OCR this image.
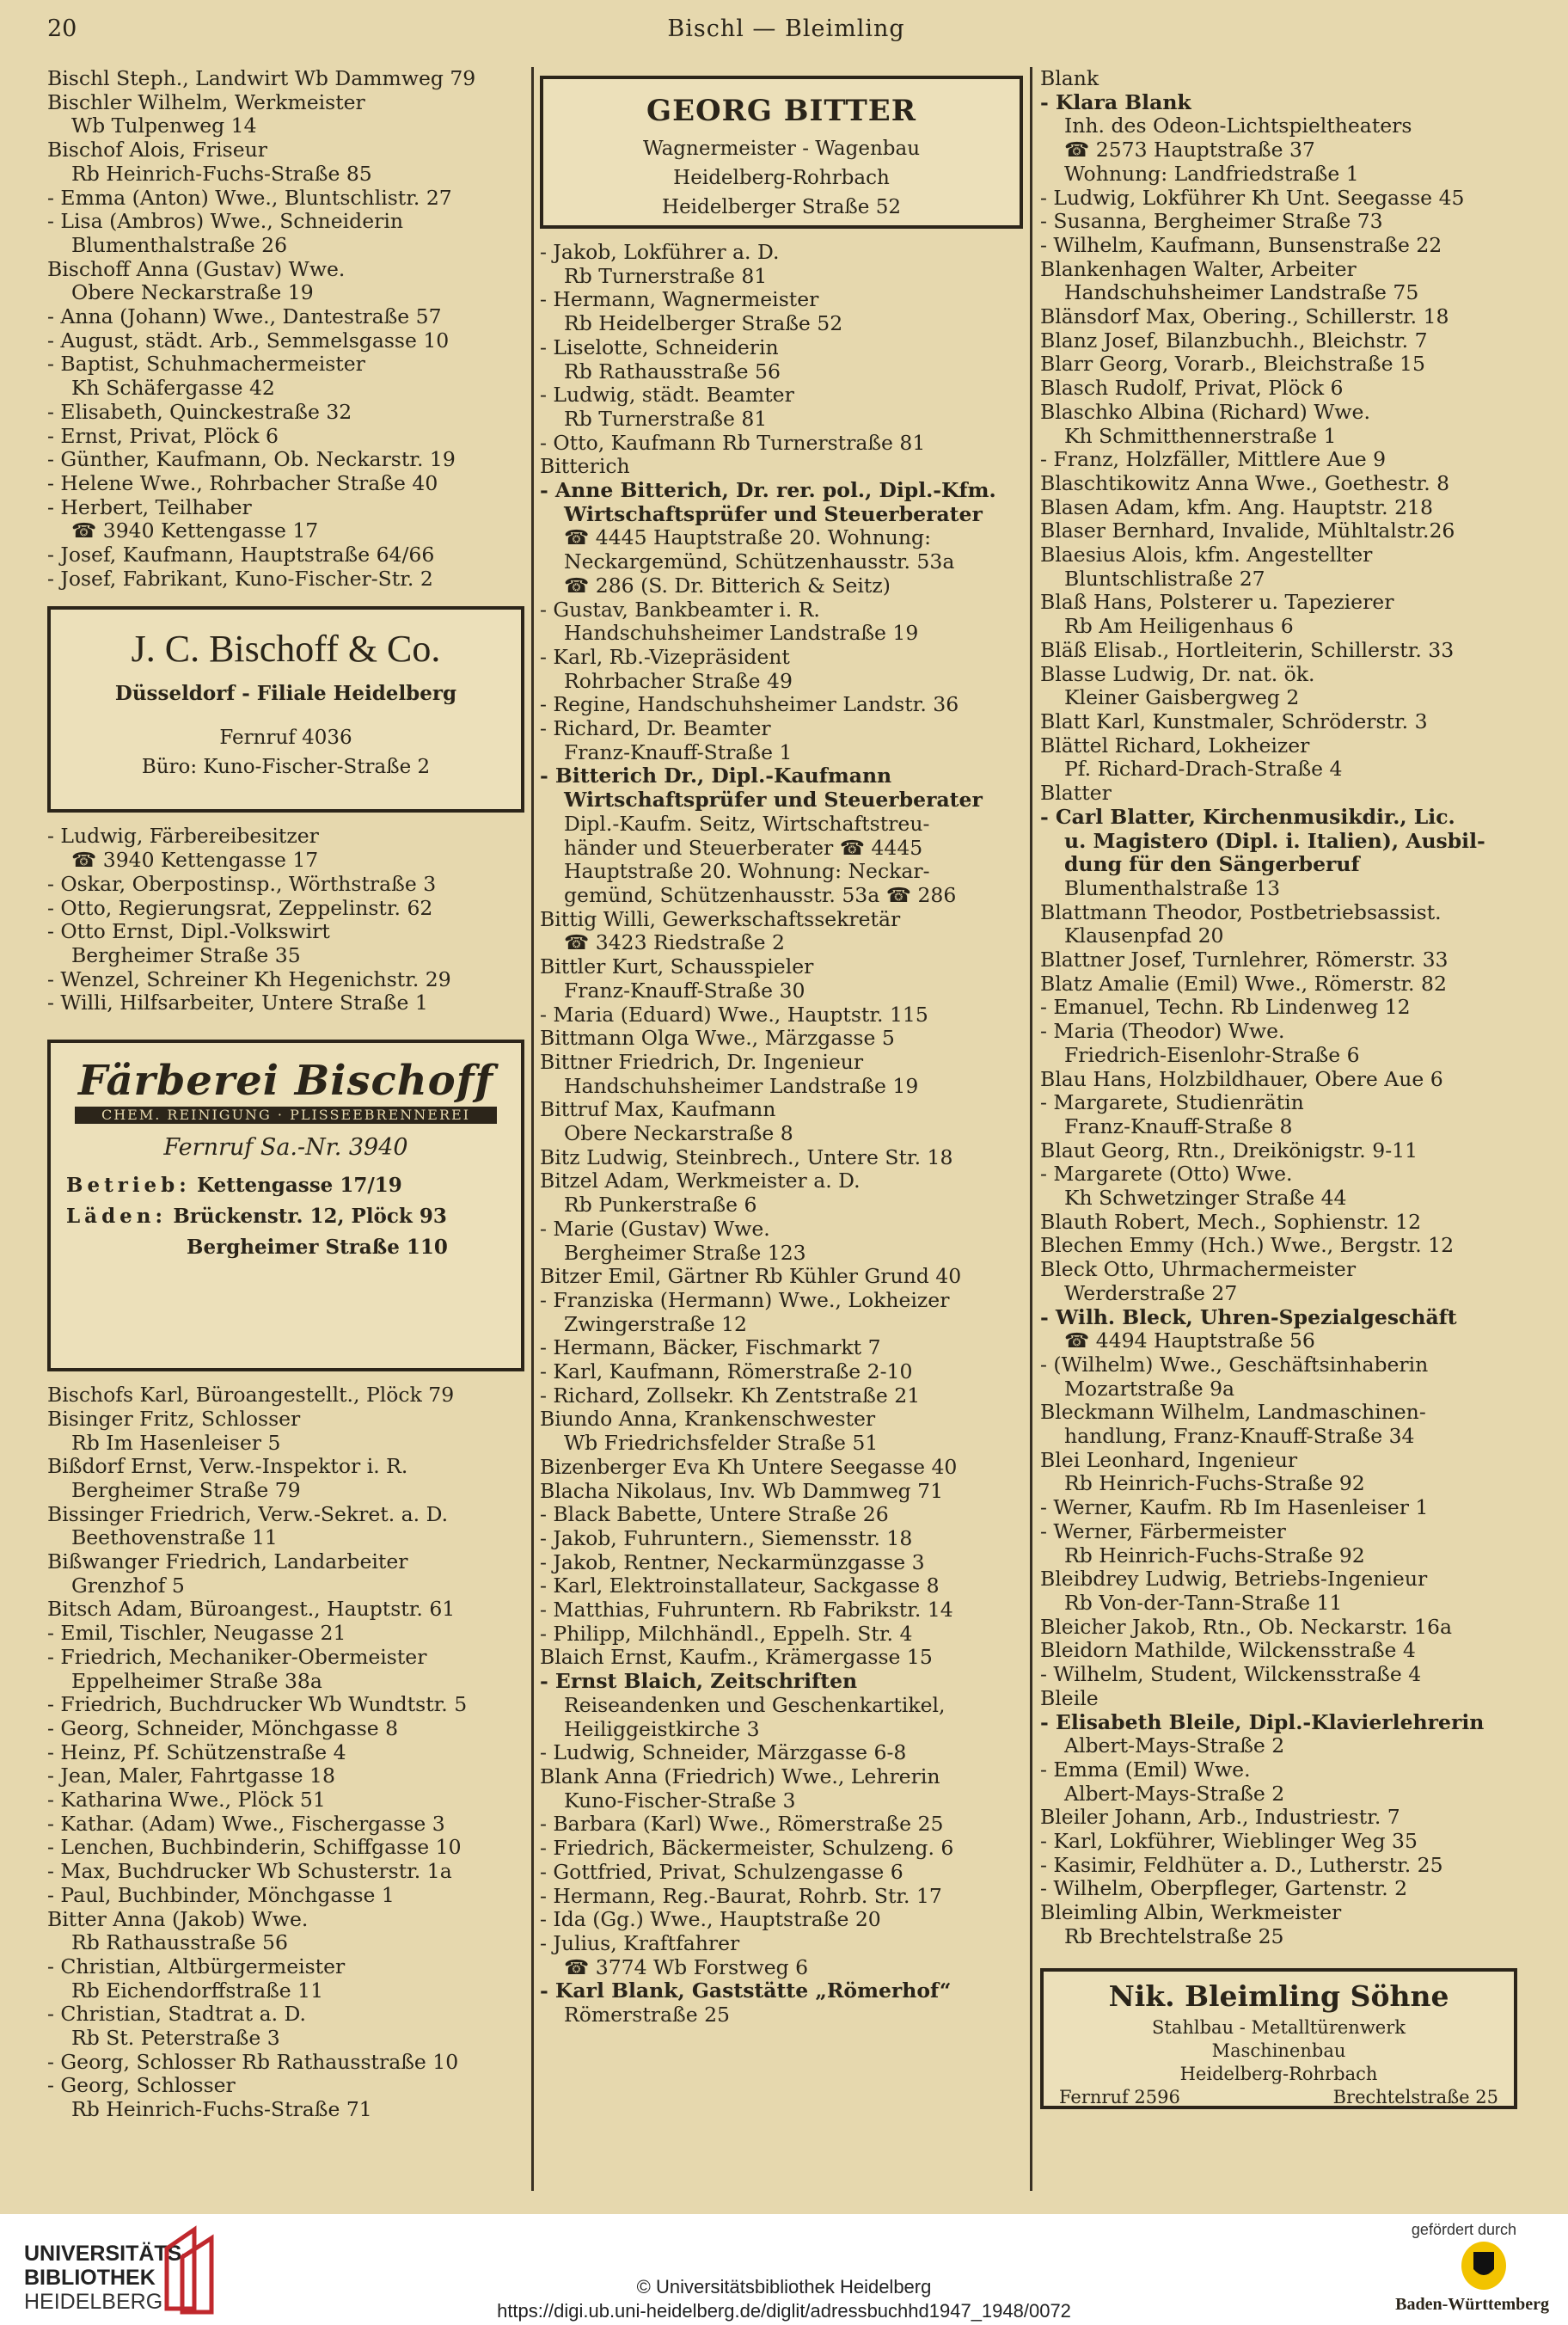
20	Bischl — Bleimling
Bischl Steph., Landwirt Wb Dammweg 79
Bischler Wilhelm, Werkmeister
Wb Tulpenweg 14
Bischof Alois, Friseur
Rb Heinrich-Fuchs-Straße 85
- Emma (Anton) Wwe., Bluntschlistr. 27
- Lisa (Ambros) Wwe., Schneiderin
Blumenthalstraße 26
Bischoff Anna (Gustav) Wwe.
Obere Neckarstraße 19
- Anna (Johann) Wwe., Dantestraße 57
- August, städt. Arb., Semmelsgasse 10
- Baptist, Schuhmachermeister
Kh Schäfergasse 42
- Elisabeth, Quinckestraße 32
- Ernst, Privat, Plöck 6
- Günther, Kaufmann, Ob. Neckarstr. 19
- Helene Wwe., Rohrbacher Straße 40
- Herbert, Teilhaber
☎ 3940 Kettengasse 17
- Josef, Kaufmann, Hauptstraße 64/66
- Josef, Fabrikant, Kuno-Fischer-Str. 2
J. C. Bischoff & Co.
Düsseldorf - Filiale Heidelberg
Fernruf 4036
Büro: Kuno-Fischer-Straße 2
- Ludwig, Färbereibesitzer
☎ 3940 Kettengasse 17
- Oskar, Oberpostinsp., Wörthstraße 3
- Otto, Regierungsrat, Zeppelinstr. 62
- Otto Ernst, Dipl.-Volkswirt
Bergheimer Straße 35
- Wenzel, Schreiner Kh Hegenichstr. 29
- Willi, Hilfsarbeiter, Untere Straße 1
Färberei Bischoff
CHEM. REINIGUNG · PLISSEEBRENNEREI
Fernruf Sa.-Nr. 3940
Betrieb: Kettengasse 17/19
Läden: Brückenstr. 12, Plöck 93
Bergheimer Straße 110
Bischofs Karl, Büroangestellt., Plöck 79
Bisinger Fritz, Schlosser
Rb Im Hasenleiser 5
Bißdorf Ernst, Verw.-Inspektor i. R.
Bergheimer Straße 79
Bissinger Friedrich, Verw.-Sekret. a. D.
Beethovenstraße 11
Bißwanger Friedrich, Landarbeiter
Grenzhof 5
Bitsch Adam, Büroangest., Hauptstr. 61
- Emil, Tischler, Neugasse 21
- Friedrich, Mechaniker-Obermeister
Eppelheimer Straße 38a
- Friedrich, Buchdrucker Wb Wundtstr. 5
- Georg, Schneider, Mönchgasse 8
- Heinz, Pf. Schützenstraße 4
- Jean, Maler, Fahrtgasse 18
- Katharina Wwe., Plöck 51
- Kathar. (Adam) Wwe., Fischergasse 3
- Lenchen, Buchbinderin, Schiffgasse 10
- Max, Buchdrucker Wb Schusterstr. 1a
- Paul, Buchbinder, Mönchgasse 1
Bitter Anna (Jakob) Wwe.
Rb Rathausstraße 56
- Christian, Altbürgermeister
Rb Eichendorffstraße 11
- Christian, Stadtrat a. D.
Rb St. Peterstraße 3
- Georg, Schlosser Rb Rathausstraße 10
- Georg, Schlosser
Rb Heinrich-Fuchs-Straße 71
GEORG BITTER
Wagnermeister - Wagenbau
Heidelberg-Rohrbach
Heidelberger Straße 52
- Jakob, Lokführer a. D.
Rb Turnerstraße 81
- Hermann, Wagnermeister
Rb Heidelberger Straße 52
- Liselotte, Schneiderin
Rb Rathausstraße 56
- Ludwig, städt. Beamter
Rb Turnerstraße 81
- Otto, Kaufmann Rb Turnerstraße 81
Bitterich
- Anne Bitterich, Dr. rer. pol., Dipl.-Kfm.
Wirtschaftsprüfer und Steuerberater
☎ 4445 Hauptstraße 20. Wohnung:
Neckargemünd, Schützenhausstr. 53a
☎ 286 (S. Dr. Bitterich & Seitz)
- Gustav, Bankbeamter i. R.
Handschuhsheimer Landstraße 19
- Karl, Rb.-Vizepräsident
Rohrbacher Straße 49
- Regine, Handschuhsheimer Landstr. 36
- Richard, Dr. Beamter
Franz-Knauff-Straße 1
- Bitterich Dr., Dipl.-Kaufmann
Wirtschaftsprüfer und Steuerberater
Dipl.-Kaufm. Seitz, Wirtschaftstreu-
händer und Steuerberater ☎ 4445
Hauptstraße 20. Wohnung: Neckar-
gemünd, Schützenhausstr. 53a ☎ 286
Bittig Willi, Gewerkschaftssekretär
☎ 3423 Riedstraße 2
Bittler Kurt, Schausspieler
Franz-Knauff-Straße 30
- Maria (Eduard) Wwe., Hauptstr. 115
Bittmann Olga Wwe., Märzgasse 5
Bittner Friedrich, Dr. Ingenieur
Handschuhsheimer Landstraße 19
Bittruf Max, Kaufmann
Obere Neckarstraße 8
Bitz Ludwig, Steinbrech., Untere Str. 18
Bitzel Adam, Werkmeister a. D.
Rb Punkerstraße 6
- Marie (Gustav) Wwe.
Bergheimer Straße 123
Bitzer Emil, Gärtner Rb Kühler Grund 40
- Franziska (Hermann) Wwe., Lokheizer
Zwingerstraße 12
- Hermann, Bäcker, Fischmarkt 7
- Karl, Kaufmann, Römerstraße 2-10
- Richard, Zollsekr. Kh Zentstraße 21
Biundo Anna, Krankenschwester
Wb Friedrichsfelder Straße 51
Bizenberger Eva Kh Untere Seegasse 40
Blacha Nikolaus, Inv. Wb Dammweg 71
- Black Babette, Untere Straße 26
- Jakob, Fuhruntern., Siemensstr. 18
- Jakob, Rentner, Neckarmünzgasse 3
- Karl, Elektroinstallateur, Sackgasse 8
- Matthias, Fuhruntern. Rb Fabrikstr. 14
- Philipp, Milchhändl., Eppelh. Str. 4
Blaich Ernst, Kaufm., Krämergasse 15
- Ernst Blaich, Zeitschriften
Reiseandenken und Geschenkartikel,
Heiliggeistkirche 3
- Ludwig, Schneider, Märzgasse 6-8
Blank Anna (Friedrich) Wwe., Lehrerin
Kuno-Fischer-Straße 3
- Barbara (Karl) Wwe., Römerstraße 25
- Friedrich, Bäckermeister, Schulzeng. 6
- Gottfried, Privat, Schulzengasse 6
- Hermann, Reg.-Baurat, Rohrb. Str. 17
- Ida (Gg.) Wwe., Hauptstraße 20
- Julius, Kraftfahrer
☎ 3774 Wb Forstweg 6
- Karl Blank, Gaststätte „Römerhof“
Römerstraße 25
Blank
- Klara Blank
Inh. des Odeon-Lichtspieltheaters
☎ 2573 Hauptstraße 37
Wohnung: Landfriedstraße 1
- Ludwig, Lokführer Kh Unt. Seegasse 45
- Susanna, Bergheimer Straße 73
- Wilhelm, Kaufmann, Bunsenstraße 22
Blankenhagen Walter, Arbeiter
Handschuhsheimer Landstraße 75
Blänsdorf Max, Obering., Schillerstr. 18
Blanz Josef, Bilanzbuchh., Bleichstr. 7
Blarr Georg, Vorarb., Bleichstraße 15
Blasch Rudolf, Privat, Plöck 6
Blaschko Albina (Richard) Wwe.
Kh Schmitthennerstraße 1
- Franz, Holzfäller, Mittlere Aue 9
Blaschtikowitz Anna Wwe., Goethestr. 8
Blasen Adam, kfm. Ang. Hauptstr. 218
Blaser Bernhard, Invalide, Mühltalstr.26
Blaesius Alois, kfm. Angestellter
Bluntschlistraße 27
Blaß Hans, Polsterer u. Tapezierer
Rb Am Heiligenhaus 6
Bläß Elisab., Hortleiterin, Schillerstr. 33
Blasse Ludwig, Dr. nat. ök.
Kleiner Gaisbergweg 2
Blatt Karl, Kunstmaler, Schröderstr. 3
Blättel Richard, Lokheizer
Pf. Richard-Drach-Straße 4
Blatter
- Carl Blatter, Kirchenmusikdir., Lic.
u. Magistero (Dipl. i. Italien), Ausbil-
dung für den Sängerberuf
Blumenthalstraße 13
Blattmann Theodor, Postbetriebsassist.
Klausenpfad 20
Blattner Josef, Turnlehrer, Römerstr. 33
Blatz Amalie (Emil) Wwe., Römerstr. 82
- Emanuel, Techn. Rb Lindenweg 12
- Maria (Theodor) Wwe.
Friedrich-Eisenlohr-Straße 6
Blau Hans, Holzbildhauer, Obere Aue 6
- Margarete, Studienrätin
Franz-Knauff-Straße 8
Blaut Georg, Rtn., Dreikönigstr. 9-11
- Margarete (Otto) Wwe.
Kh Schwetzinger Straße 44
Blauth Robert, Mech., Sophienstr. 12
Blechen Emmy (Hch.) Wwe., Bergstr. 12
Bleck Otto, Uhrmachermeister
Werderstraße 27
- Wilh. Bleck, Uhren-Spezialgeschäft
☎ 4494 Hauptstraße 56
- (Wilhelm) Wwe., Geschäftsinhaberin
Mozartstraße 9a
Bleckmann Wilhelm, Landmaschinen-
handlung, Franz-Knauff-Straße 34
Blei Leonhard, Ingenieur
Rb Heinrich-Fuchs-Straße 92
- Werner, Kaufm. Rb Im Hasenleiser 1
- Werner, Färbermeister
Rb Heinrich-Fuchs-Straße 92
Bleibdrey Ludwig, Betriebs-Ingenieur
Rb Von-der-Tann-Straße 11
Bleicher Jakob, Rtn., Ob. Neckarstr. 16a
Bleidorn Mathilde, Wilckensstraße 4
- Wilhelm, Student, Wilckensstraße 4
Bleile
- Elisabeth Bleile, Dipl.-Klavierlehrerin
Albert-Mays-Straße 2
- Emma (Emil) Wwe.
Albert-Mays-Straße 2
Bleiler Johann, Arb., Industriestr. 7
- Karl, Lokführer, Wieblinger Weg 35
- Kasimir, Feldhüter a. D., Lutherstr. 25
- Wilhelm, Oberpfleger, Gartenstr. 2
Bleimling Albin, Werkmeister
Rb Brechtelstraße 25
Nik. Bleimling Söhne
Stahlbau - Metalltürenwerk
Maschinenbau
Heidelberg-Rohrbach
Fernruf 2596	Brechtelstraße 25
UNIVERSITÄTS-
BIBLIOTHEK
HEIDELBERG
gefördert durch
Baden-Württemberg
© Universitätsbibliothek Heidelberg
https://digi.ub.uni-heidelberg.de/diglit/adressbuchhd1947_1948/0072
